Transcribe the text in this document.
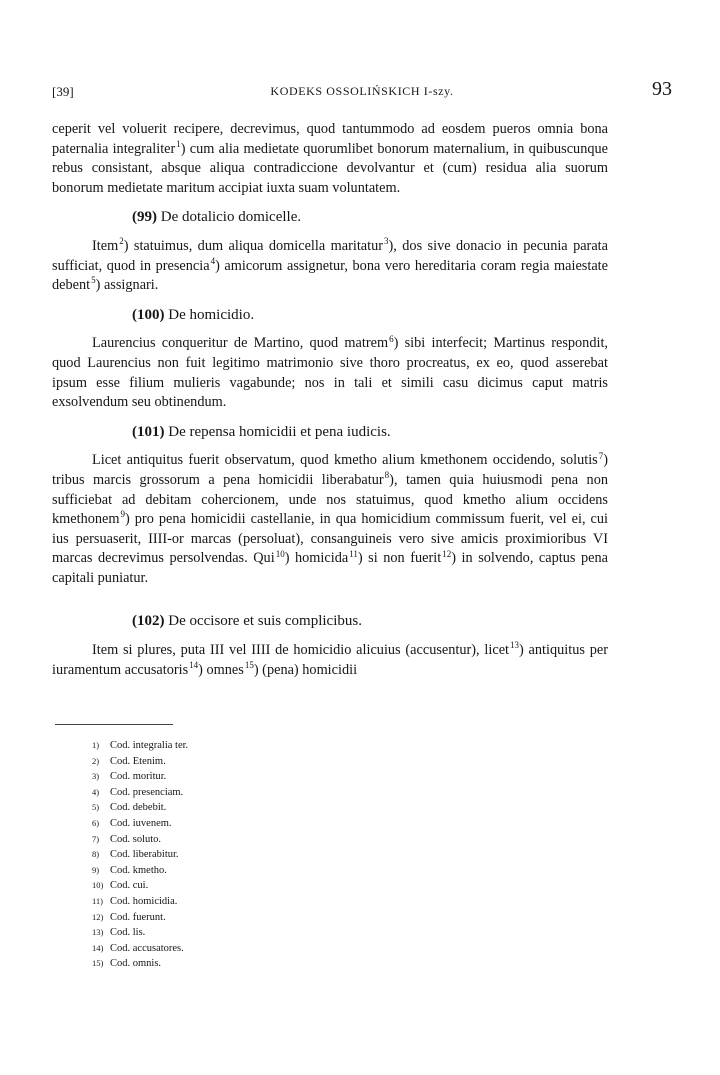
[39]	KODEKS OSSOLIŃSKICH I-szy.	93

ceperit vel voluerit recipere, decrevimus, quod tantummodo ad eosdem pueros omnia bona paternalia integraliter$^1$) cum alia medietate quorumlibet bonorum maternalium, in quibuscunque rebus consistant, absque aliqua contradiccione devolvantur et (cum) residua alia suorum bonorum medietate maritum accipiat iuxta suam voluntatem.

(99) De dotalicio domicelle.

Item$^2$) statuimus, dum aliqua domicella maritatur$^3$), dos sive donacio in pecunia parata sufficiat, quod in presencia$^4$) amicorum assignetur, bona vero hereditaria coram regia maiestate debent$^5$) assignari.

(100) De homicidio.

Laurencius conqueritur de Martino, quod matrem$^6$) sibi interfecit; Martinus respondit, quod Laurencius non fuit legitimo matrimonio sive thoro procreatus, ex eo, quod asserebat ipsum esse filium mulieris vagabunde; nos in tali et simili casu dicimus caput matris exsolvendum seu obtinendum.

(101) De repensa homicidii et pena iudicis.

Licet antiquitus fuerit observatum, quod kmetho alium kmethonem occidendo, solutis$^7$) tribus marcis grossorum a pena homicidii liberabatur$^8$), tamen quia huiusmodi pena non sufficiebat ad debitam cohercionem, unde nos statuimus, quod kmetho alium occidens kmethonem$^9$) pro pena homicidii castellanie, in qua homicidium commissum fuerit, vel ei, cui ius persuaserit, IIII-or marcas (persoluat), consanguineis vero sive amicis proximioribus VI marcas decrevimus persolvendas. Qui$^{10}$) homicida$^{11}$) si non fuerit$^{12}$) in solvendo, captus pena capitali puniatur.

(102) De occisore et suis complicibus.

Item si plures, puta III vel IIII de homicidio alicuius (accusentur), licet$^{13}$) antiquitus per iuramentum accusatoris$^{14}$) omnes$^{15}$) (pena) homicidii

1)	Cod. integralia ter.
2)	Cod. Etenim.
3)	Cod. moritur.
4)	Cod. presenciam.
5)	Cod. debebit.
6)	Cod. iuvenem.
7)	Cod. soluto.
8)	Cod. liberabitur.
9)	Cod. kmetho.
10) Cod. cui.
11) Cod. homicidia.
12) Cod. fuerunt.
13) Cod. lis.
14) Cod. accusatores.
15) Cod. omnis.
